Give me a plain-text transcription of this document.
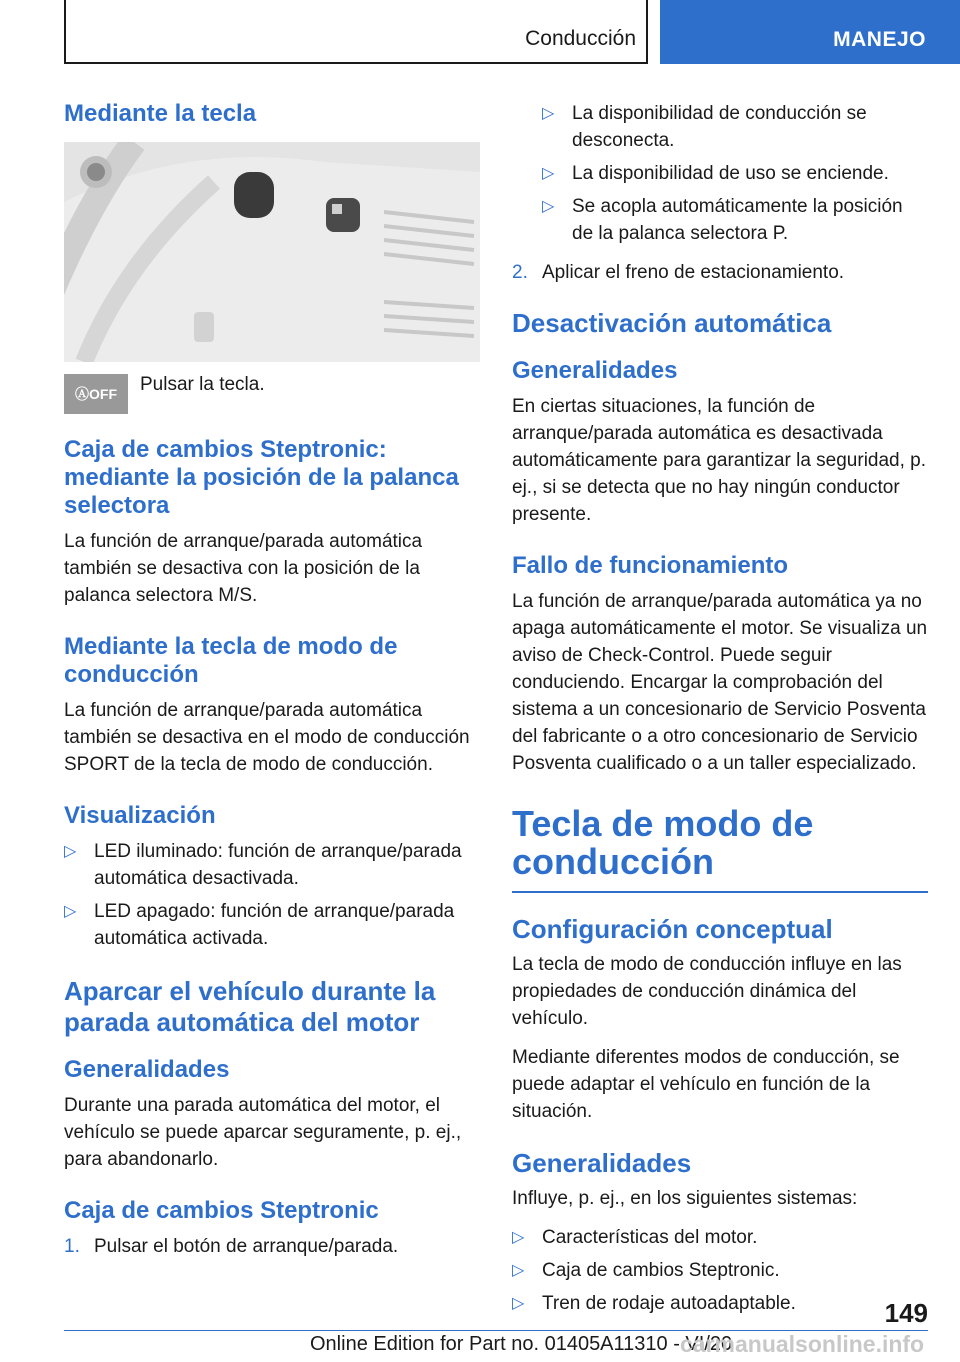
Conducción	MANEJO
Mediante la tecla
ⒶOFF	Pulsar la tecla.
Caja de cambios Steptronic: mediante la posición de la palanca selectora

La función de arranque/parada automática también se desactiva con la posición de la palanca selectora M/S.

Mediante la tecla de modo de conducción

La función de arranque/parada automática también se desactiva en el modo de conducción SPORT de la tecla de modo de conducción.

Visualización
▷ LED iluminado: función de arranque/parada automática desactivada.
▷ LED apagado: función de arranque/parada automática activada.
Aparcar el vehículo durante la parada automática del motor
Generalidades

Durante una parada automática del motor, el vehículo se puede aparcar seguramente, p. ej., para abandonarlo.

Caja de cambios Steptronic
1. Pulsar el botón de arranque/parada.
▷ La disponibilidad de conducción se desconecta.
▷ La disponibilidad de uso se enciende.
▷ Se acopla automáticamente la posición de la palanca selectora P.
2. Aplicar el freno de estacionamiento.
Desactivación automática
Generalidades

En ciertas situaciones, la función de arranque/parada automática es desactivada automáticamente para garantizar la seguridad, p. ej., si se detecta que no hay ningún conductor presente.

Fallo de funcionamiento

La función de arranque/parada automática ya no apaga automáticamente el motor. Se visualiza un aviso de Check-Control. Puede seguir conduciendo. Encargar la comprobación del sistema a un concesionario de Servicio Posventa del fabricante o a otro concesionario de Servicio Posventa cualificado o a un taller especializado.

Tecla de modo de conducción
Configuración conceptual

La tecla de modo de conducción influye en las propiedades de conducción dinámica del vehículo.

Mediante diferentes modos de conducción, se puede adaptar el vehículo en función de la situación.

Generalidades

Influye, p. ej., en los siguientes sistemas:

▷ Características del motor.
▷ Caja de cambios Steptronic.
▷ Tren de rodaje autoadaptable.	149
Online Edition for Part no. 01405A11310 - VI/20
carmanualsonline.info
